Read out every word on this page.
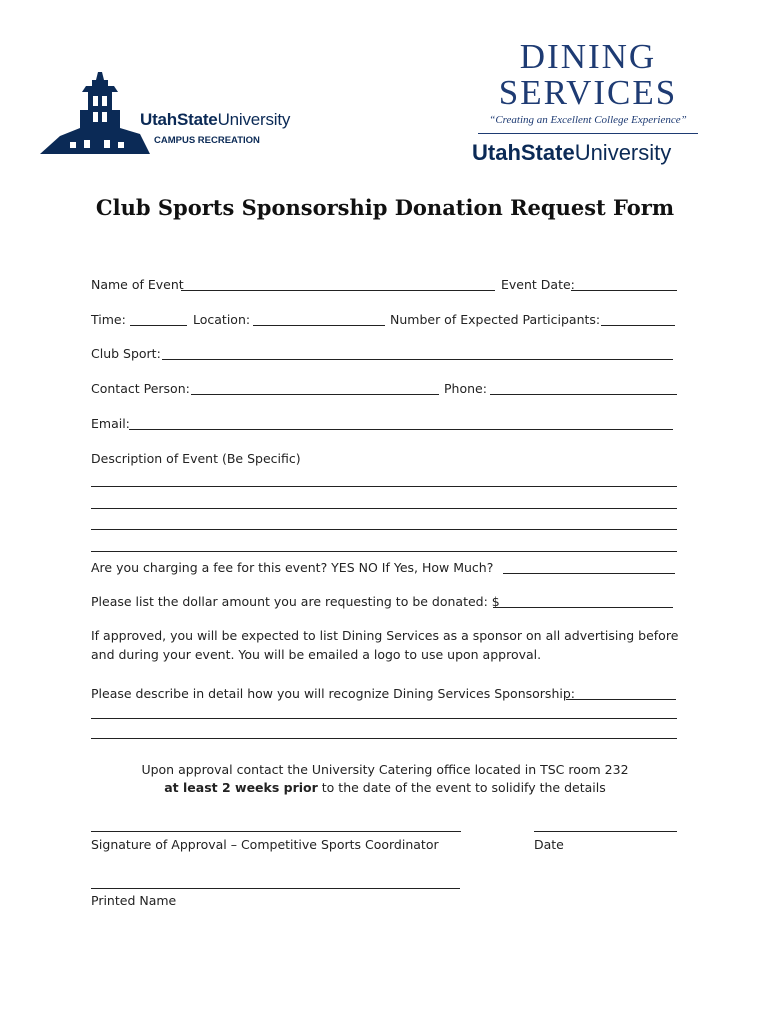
UtahStateUniversity
CAMPUS RECREATION
DINING
SERVICES
“Creating an Excellent College Experience”
UtahStateUniversity
Club Sports Sponsorship Donation Request Form
Name of Event	Event Date:
Time:	Location:	Number of Expected Participants:
Club Sport:
Contact Person:	Phone:
Email:
Description of Event (Be Specific)
Are you charging a fee for this event? YES NO If Yes, How Much?
Please list the dollar amount you are requesting to be donated: $
If approved, you will be expected to list Dining Services as a sponsor on all advertising before
and during your event. You will be emailed a logo to use upon approval.
Please describe in detail how you will recognize Dining Services Sponsorship:
Upon approval contact the University Catering office located in TSC room 232
at least 2 weeks prior to the date of the event to solidify the details
Signature of Approval – Competitive Sports Coordinator	Date
Printed Name
